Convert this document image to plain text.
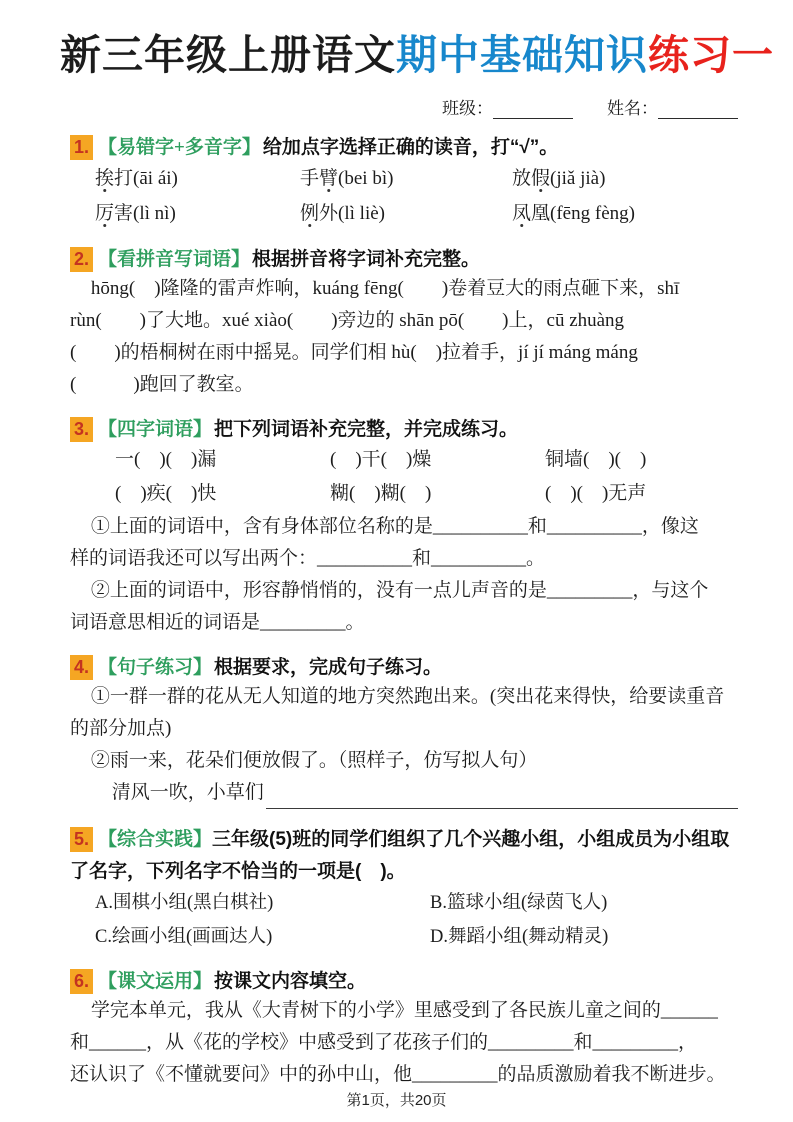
新三年级上册语文期中基础知识练习一
班级：	姓名：
1. 【易错字+多音字】 给加点字选择正确的读音，打“√”。
挨打(āi ái)	手臂(bei bì)	放假(jiǎ jià)
厉害(lì nì)	例外(lì liè)	凤凰(fēng fèng)
2. 【看拼音写词语】 根据拼音将字词补充完整。
hōng(　)隆隆的雷声炸响，kuáng fēng(　　)卷着豆大的雨点砸下来，shī
rùn(　　)了大地。xué xiào(　　)旁边的 shān pō(　　)上，cū zhuàng
(　　)的梧桐树在雨中摇晃。同学们相 hù(　)拉着手，jí jí máng máng
(　　　)跑回了教室。
3. 【四字词语】 把下列词语补充完整，并完成练习。
一(　)(　)漏	(　)干(　)燥	铜墙(　)(　)
(　)疾(　)快	糊(　)糊(　)	(　)(　)无声
①上面的词语中，含有身体部位名称的是__________和__________，像这
样的词语我还可以写出两个：__________和__________。
②上面的词语中，形容静悄悄的，没有一点儿声音的是_________，与这个
词语意思相近的词语是_________。
4. 【句子练习】 根据要求，完成句子练习。
①一群一群的花从无人知道的地方突然跑出来。(突出花来得快，给要读重音
的部分加点)
②雨一来，花朵们便放假了。（照样子，仿写拟人句）
清风一吹，小草们
5. 【综合实践】 三年级(5)班的同学们组织了几个兴趣小组，小组成员为小组取
了名字，下列名字不恰当的一项是(　)。
A.围棋小组(黑白棋社)	B.篮球小组(绿茵飞人)
C.绘画小组(画画达人)	D.舞蹈小组(舞动精灵)
6. 【课文运用】 按课文内容填空。
学完本单元，我从《大青树下的小学》里感受到了各民族儿童之间的______
和______，从《花的学校》中感受到了花孩子们的_________和_________，
还认识了《不懂就要问》中的孙中山，他_________的品质激励着我不断进步。
第1页，共20页
